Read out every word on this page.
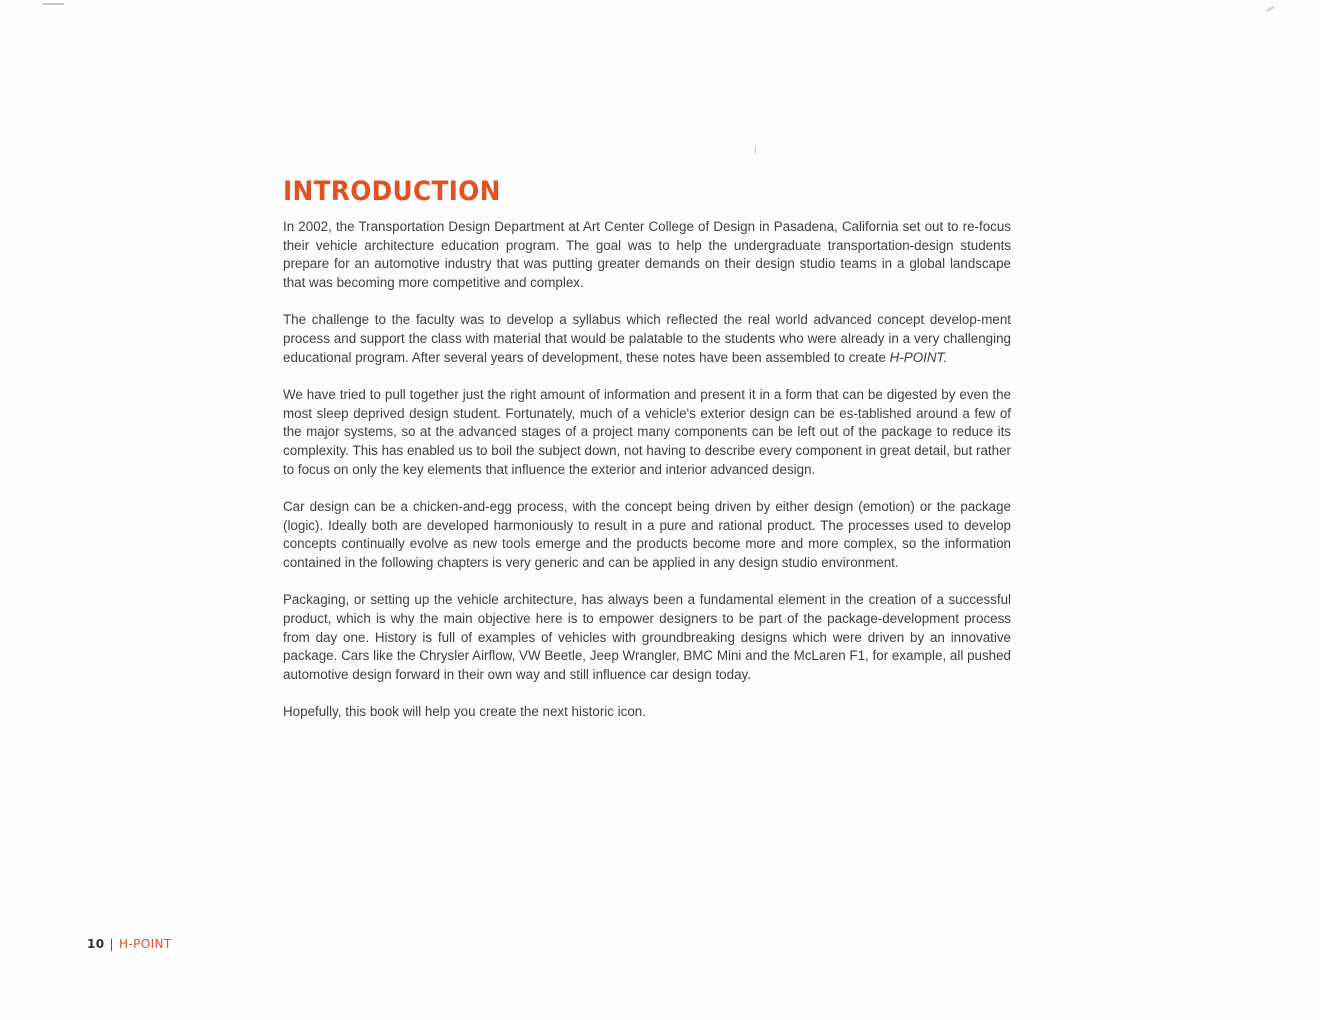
INTRODUCTION

In 2002, the Transportation Design Department at Art Center College of Design in Pasadena, California set out to re-focus their vehicle architecture education program. The goal was to help the undergraduate transportation-design students prepare for an automotive industry that was putting greater demands on their design studio teams in a global landscape that was becoming more competitive and complex.

The challenge to the faculty was to develop a syllabus which reflected the real world advanced concept develop-ment process and support the class with material that would be palatable to the students who were already in a very challenging educational program. After several years of development, these notes have been assembled to create H-POINT.

We have tried to pull together just the right amount of information and present it in a form that can be digested by even the most sleep deprived design student. Fortunately, much of a vehicle's exterior design can be es-tablished around a few of the major systems, so at the advanced stages of a project many components can be left out of the package to reduce its complexity. This has enabled us to boil the subject down, not having to describe every component in great detail, but rather to focus on only the key elements that influence the exterior and interior advanced design.

Car design can be a chicken-and-egg process, with the concept being driven by either design (emotion) or the package (logic). Ideally both are developed harmoniously to result in a pure and rational product. The processes used to develop concepts continually evolve as new tools emerge and the products become more and more complex, so the information contained in the following chapters is very generic and can be applied in any design studio environment.

Packaging, or setting up the vehicle architecture, has always been a fundamental element in the creation of a successful product, which is why the main objective here is to empower designers to be part of the package-development process from day one. History is full of examples of vehicles with groundbreaking designs which were driven by an innovative package. Cars like the Chrysler Airflow, VW Beetle, Jeep Wrangler, BMC Mini and the McLaren F1, for example, all pushed automotive design forward in their own way and still influence car design today.

Hopefully, this book will help you create the next historic icon.

10 | H-POINT
